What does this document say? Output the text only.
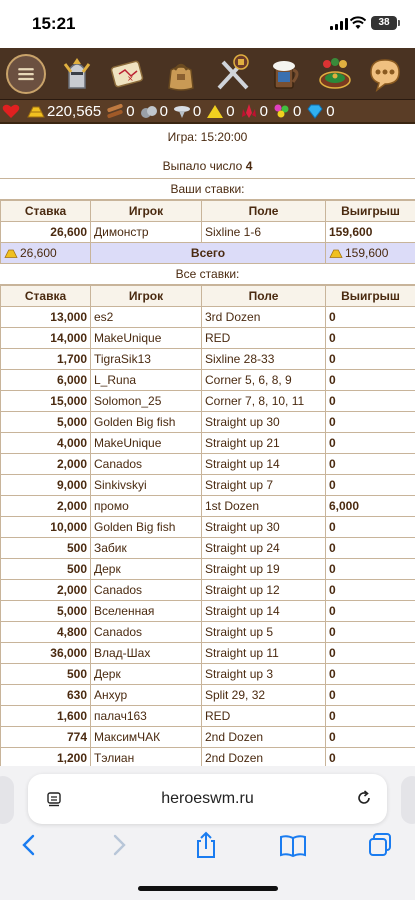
15:21	38
×
220,565 0 0 0 0 0 0 0
Игра: 15:20:00
Выпало число 4
Ваши ставки:
Ставка	Игрок	Поле	Выигрыш
26,600	Димонстр	Sixline 1-6	159,600
26,600	Всего		159,600
Все ставки:
Ставка	Игрок	Поле	Выигрыш
13,000	es2	3rd Dozen	0
14,000	MakeUnique	RED	0
1,700	TigraSik13	Sixline 28-33	0
6,000	L_Runa	Corner 5, 6, 8, 9	0
15,000	Solomon_25	Corner 7, 8, 10, 11	0
5,000	Golden Big fish	Straight up 30	0
4,000	MakeUnique	Straight up 21	0
2,000	Canados	Straight up 14	0
9,000	Sinkivskyi	Straight up 7	0
2,000	промо	1st Dozen	6,000
10,000	Golden Big fish	Straight up 30	0
500	Забик	Straight up 24	0
500	Дерк	Straight up 19	0
2,000	Canados	Straight up 12	0
5,000	Вселенная	Straight up 14	0
4,800	Canados	Straight up 5	0
36,000	Влад-Шах	Straight up 11	0
500	Дерк	Straight up 3	0
630	Анхур	Split 29, 32	0
1,600	палач163	RED	0
774	МаксимЧАК	2nd Dozen	0
1,200	Тэлиан	2nd Dozen	0
heroeswm.ru
